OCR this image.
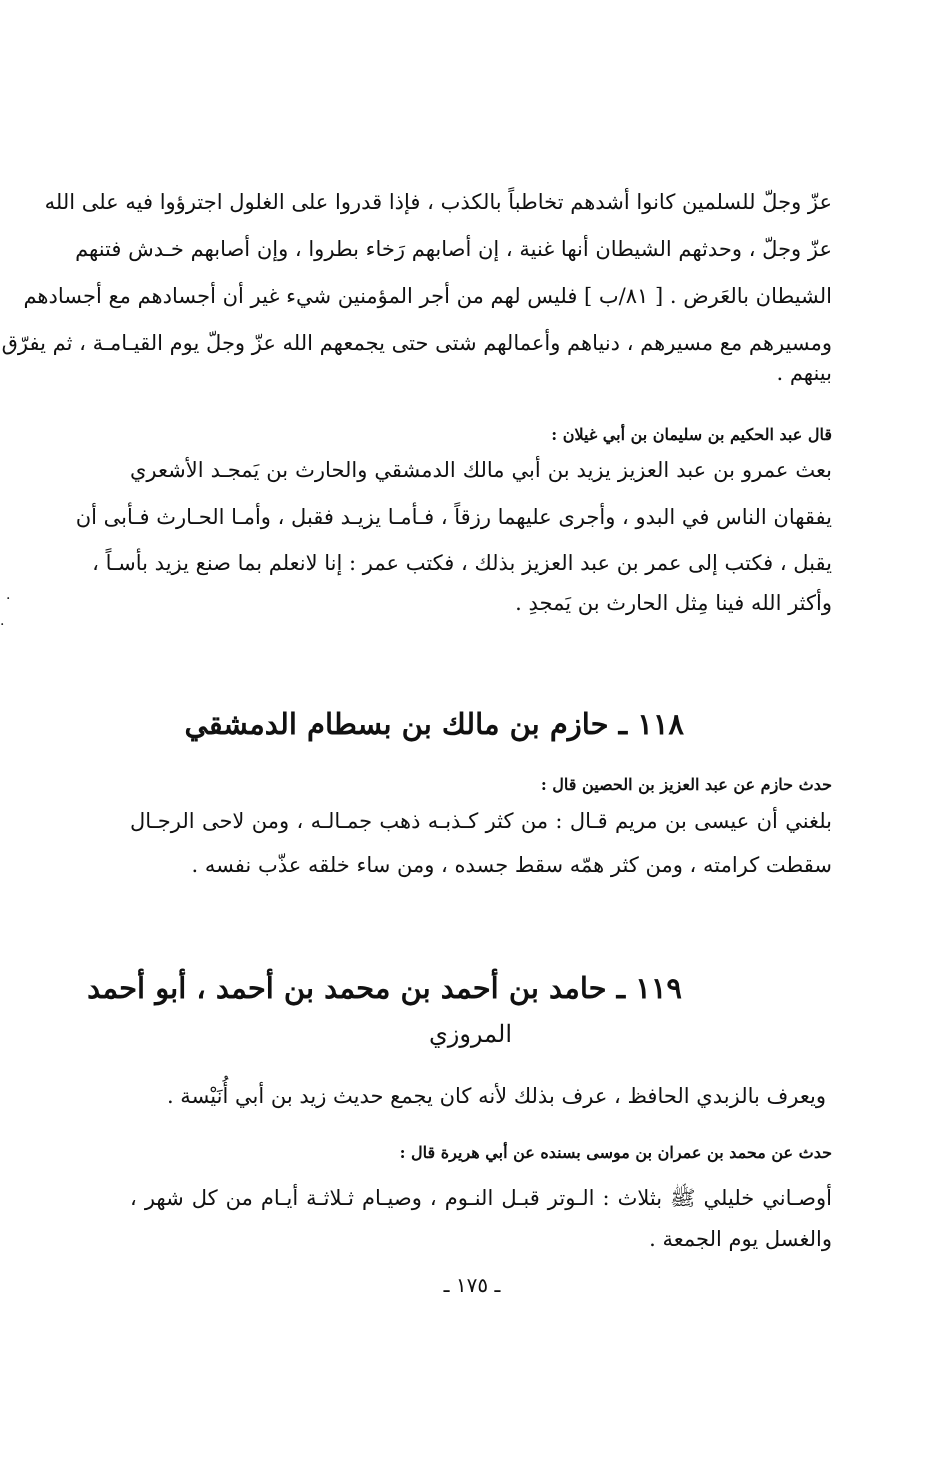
عزّ وجلّ للسلمين كانوا أشدهم تخاطباً بالكذب ، فإذا قدروا على الغلول اجترؤوا فيه على الله
عزّ وجلّ ، وحدثهم الشيطان أنها غنية ، إن أصابهم رَخاء بطروا ، وإن أصابهم خـدش فتنهم
الشيطان بالعَرض . [ ٨١/ب ] فليس لهم من أجر المؤمنين شيء غير أن أجسادهم مع أجسادهم
ومسيرهم مع مسيرهم ، دنياهم وأعمالهم شتى حتى يجمعهم الله عزّ وجلّ يوم القيـامـة ، ثم يفرّق
بينهم .
قال عبد الحكيم بن سليمان بن أبي غيلان :
بعث عمرو بن عبد العزيز يزيد بن أبي مالك الدمشقي والحارث بن يَمجـد الأشعري
يفقهان الناس في البدو ، وأجرى عليهما رزقاً ، فـأمـا يزيـد فقبل ، وأمـا الحـارث فـأبى أن
يقبل ، فكتب إلى عمر بن عبد العزيز بذلك ، فكتب عمر : إنا لانعلم بما صنع يزيد بأسـاً ،
وأكثر الله فينا مِثل الحارث بن يَمجدِ .
١١٨ ـ حازم بن مالك بن بسطام الدمشقي
حدث حازم عن عبد العزيز بن الحصين قال :
بلغني أن عيسى بن مريم قـال : من كثر كـذبـه ذهب جمـالـه ، ومن لاحى الرجـال
سقطت كرامته ، ومن كثر همّه سقط جسده ، ومن ساء خلقه عذّب نفسه .
١١٩ ـ حامد بن أحمد بن محمد بن أحمد ، أبو أحمد
المروزي
ويعرف بالزبدي الحافظ ، عرف بذلك لأنه كان يجمع حديث زيد بن أبي أُنَيْسة .
حدث عن محمد بن عمران بن موسى بسنده عن أبي هريرة قال :
أوصـاني خليلي ﷺ بثلاث : الـوتر قبـل النـوم ، وصيـام ثـلاثـة أيـام من كل شهر ،
والغسل يوم الجمعة .
ـ ١٧٥ ـ
·
·
